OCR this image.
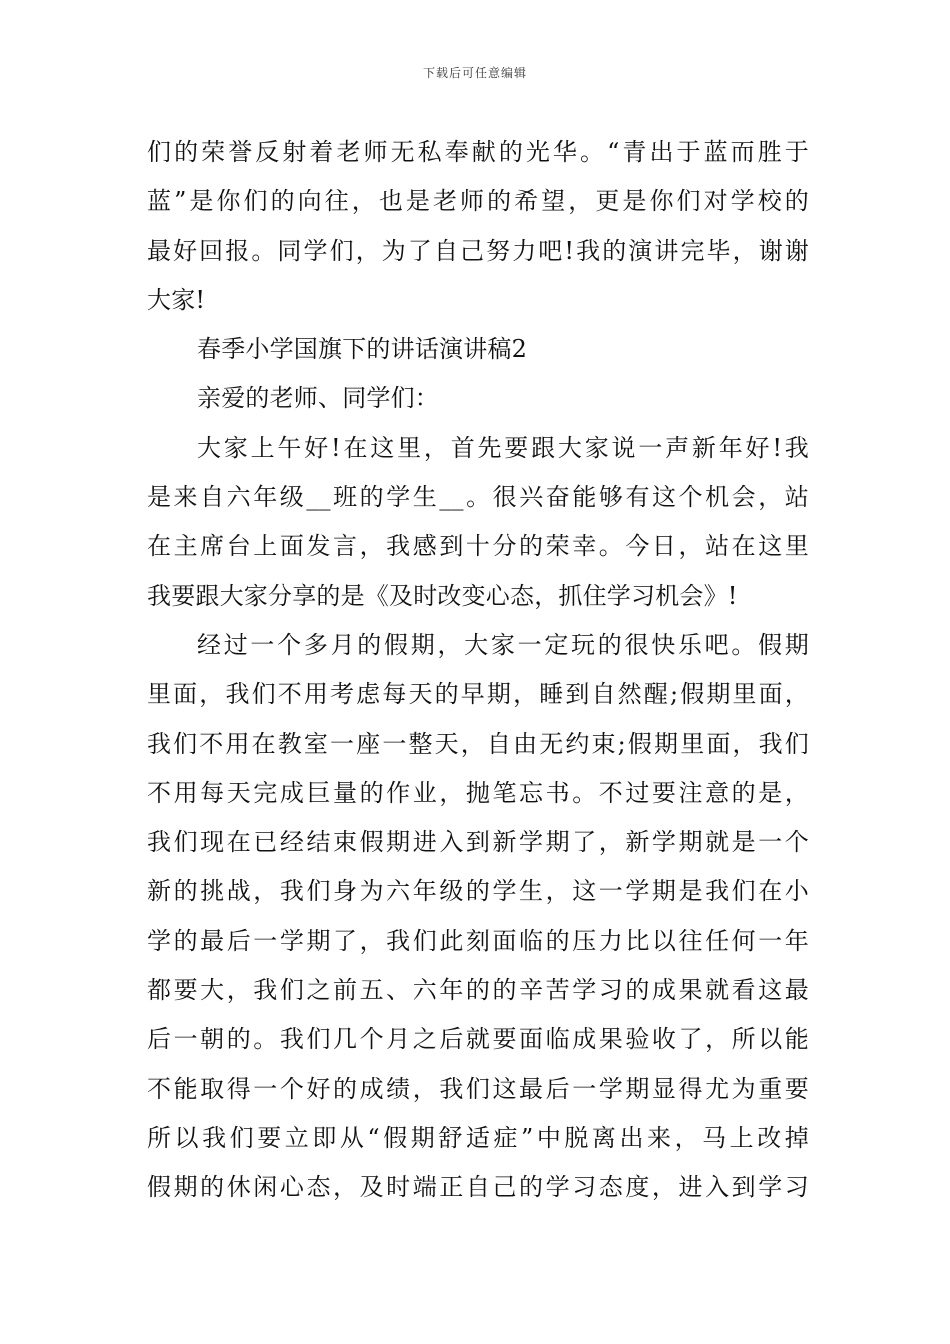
下载后可任意编辑
们的荣誉反射着老师无私奉献的光华。“青出于蓝而胜于
蓝”是你们的向往，也是老师的希望，更是你们对学校的
最好回报。同学们，为了自己努力吧!我的演讲完毕，谢谢
大家!
春季小学国旗下的讲话演讲稿2
亲爱的老师、同学们：
大家上午好!在这里，首先要跟大家说一声新年好!我
是来自六年级__班的学生__。很兴奋能够有这个机会，站
在主席台上面发言，我感到十分的荣幸。今日，站在这里
我要跟大家分享的是《及时改变心态，抓住学习机会》!
经过一个多月的假期，大家一定玩的很快乐吧。假期
里面，我们不用考虑每天的早期，睡到自然醒;假期里面，
我们不用在教室一座一整天，自由无约束;假期里面，我们
不用每天完成巨量的作业，抛笔忘书。不过要注意的是，
我们现在已经结束假期进入到新学期了，新学期就是一个
新的挑战，我们身为六年级的学生，这一学期是我们在小
学的最后一学期了，我们此刻面临的压力比以往任何一年
都要大，我们之前五、六年的的辛苦学习的成果就看这最
后一朝的。我们几个月之后就要面临成果验收了，所以能
不能取得一个好的成绩，我们这最后一学期显得尤为重要
所以我们要立即从“假期舒适症”中脱离出来，马上改掉
假期的休闲心态，及时端正自己的学习态度，进入到学习
